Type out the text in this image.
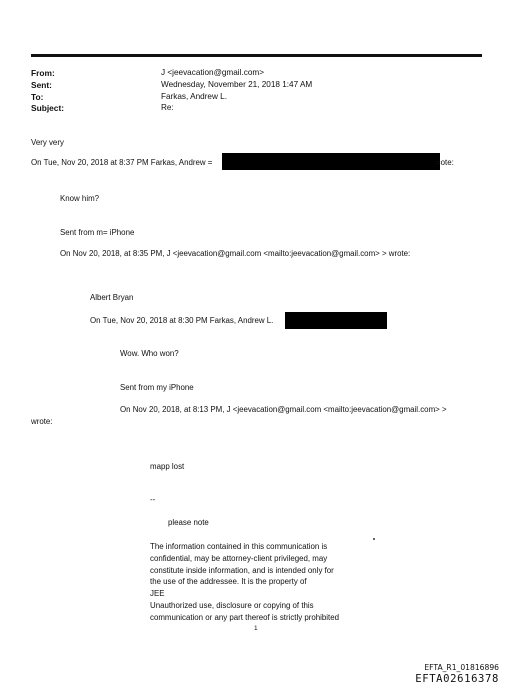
From:	J <jeevacation@gmail.com>
Sent:	Wednesday, November 21, 2018 1:47 AM
To:	Farkas, Andrew L.
Subject:	Re:
Very very
On Tue, Nov 20, 2018 at 8:37 PM Farkas, Andrew =	=ote:
Know him?
Sent from m= iPhone
On Nov 20, 2018, at 8:35 PM, J <jeevacation@gmail.com <mailto:jeevacation@gmail.com> > wrote:
Albert Bryan
On Tue, Nov 20, 2018 at 8:30 PM Farkas, Andrew L.
Wow. Who won?
Sent from my iPhone
On Nov 20, 2018, at 8:13 PM, J <jeevacation@gmail.com <mailto:jeevacation@gmail.com> >
wrote:
mapp lost
--
please note
The information contained in this communication is
confidential, may be attorney-client privileged, may
constitute inside information, and is intended only for
the use of the addressee. It is the property of
JEE
Unauthorized use, disclosure or copying of this
communication or any part thereof is strictly prohibited
1
EFTA_R1_01816896
EFTA02616378
